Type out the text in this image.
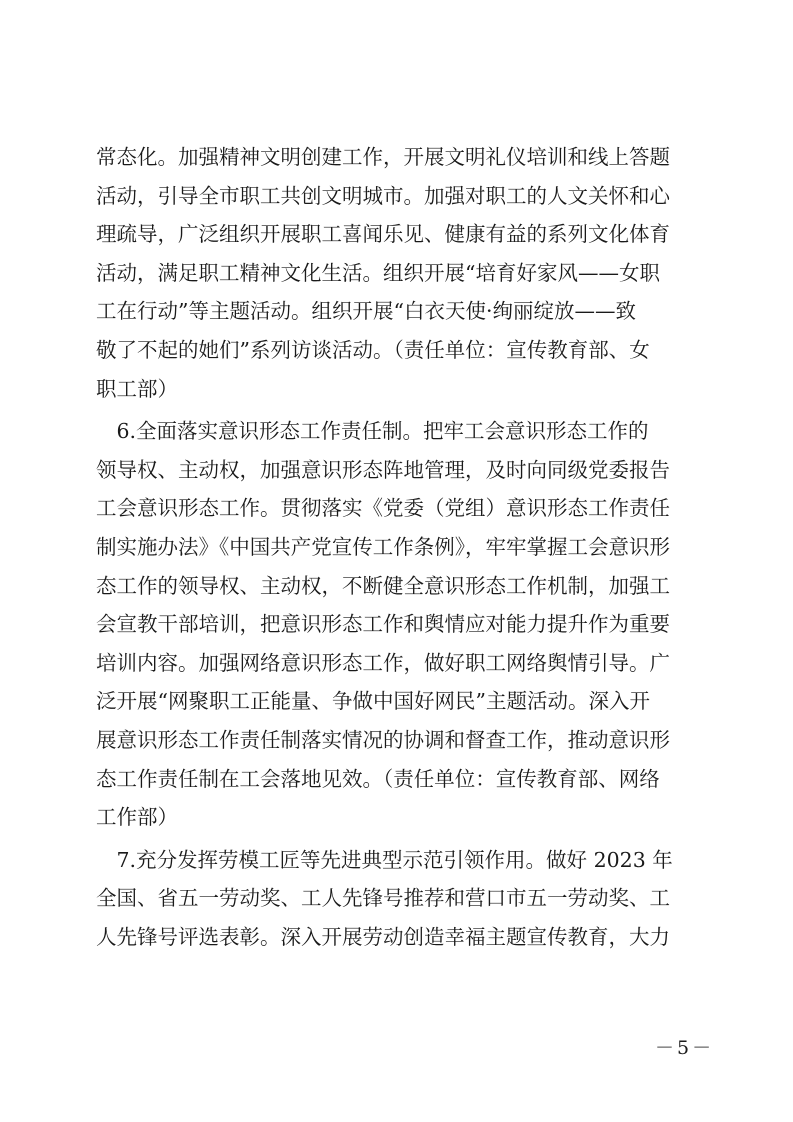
常态化。加强精神文明创建工作，开展文明礼仪培训和线上答题
活动，引导全市职工共创文明城市。加强对职工的人文关怀和心
理疏导，广泛组织开展职工喜闻乐见、健康有益的系列文化体育
活动，满足职工精神文化生活。组织开展“培育好家风——女职
工在行动”等主题活动。组织开展“白衣天使·绚丽绽放——致
敬了不起的她们”系列访谈活动。（责任单位：宣传教育部、女
职工部）
　6.全面落实意识形态工作责任制。把牢工会意识形态工作的
领导权、主动权，加强意识形态阵地管理，及时向同级党委报告
工会意识形态工作。贯彻落实《党委（党组）意识形态工作责任
制实施办法》《中国共产党宣传工作条例》，牢牢掌握工会意识形
态工作的领导权、主动权，不断健全意识形态工作机制，加强工
会宣教干部培训，把意识形态工作和舆情应对能力提升作为重要
培训内容。加强网络意识形态工作，做好职工网络舆情引导。广
泛开展“网聚职工正能量、争做中国好网民”主题活动。深入开
展意识形态工作责任制落实情况的协调和督查工作，推动意识形
态工作责任制在工会落地见效。（责任单位：宣传教育部、网络
工作部）
　7.充分发挥劳模工匠等先进典型示范引领作用。做好 2023 年
全国、省五一劳动奖、工人先锋号推荐和营口市五一劳动奖、工
人先锋号评选表彰。深入开展劳动创造幸福主题宣传教育，大力
－5－
